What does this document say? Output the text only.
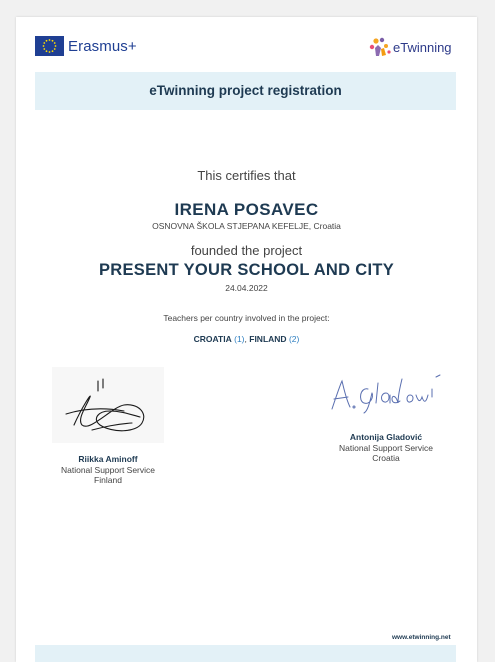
Erasmus+	eTwinning
eTwinning project registration
This certifies that
IRENA POSAVEC
OSNOVNA ŠKOLA STJEPANA KEFELJE, Croatia
founded the project
PRESENT YOUR SCHOOL AND CITY
24.04.2022
Teachers per country involved in the project:
CROATIA (1), FINLAND (2)
Riikka Aminoff
National Support Service
Finland
Antonija Gladović
National Support Service
Croatia
www.etwinning.net
